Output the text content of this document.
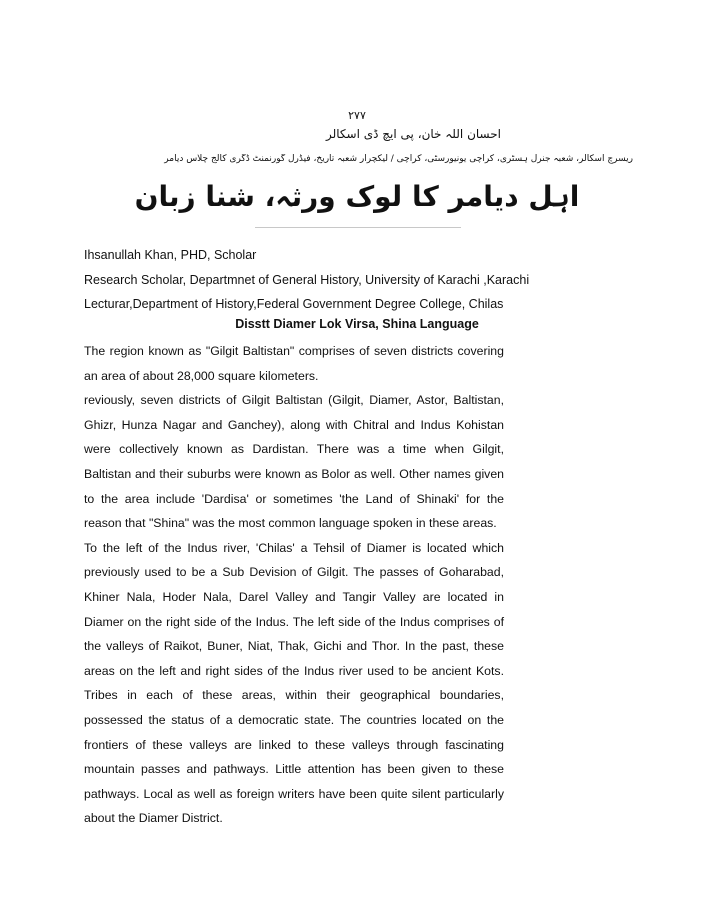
۲۷۷
احسان اللہ خان، پی ایچ ڈی اسکالر
ریسرچ اسکالر، شعبہ جنرل ہسٹری، کراچی یونیورسٹی، کراچی / لیکچرار شعبہ تاریخ، فیڈرل گورنمنٹ ڈگری کالج چلاس دیامر
اہل دیامر کا لوک ورثہ، شنا زبان
Ihsanullah Khan, PHD, Scholar
Research Scholar, Departmnet of General History, University of Karachi ,Karachi
Lecturar,Department of History,Federal Government Degree College, Chilas
Disstt Diamer Lok Virsa, Shina Language

The region known as "Gilgit Baltistan" comprises of seven districts covering an area of about 28,000 square kilometers.

reviously, seven districts of Gilgit Baltistan (Gilgit, Diamer, Astor, Baltistan, Ghizr, Hunza Nagar and Ganchey), along with Chitral and Indus Kohistan were collectively known as Dardistan. There was a time when Gilgit, Baltistan and their suburbs were known as Bolor as well. Other names given to the area include 'Dardisa' or sometimes 'the Land of Shinaki' for the reason that "Shina" was the most common language spoken in these areas.

To the left of the Indus river, 'Chilas' a Tehsil of Diamer is located which previously used to be a Sub Devision of Gilgit. The passes of Goharabad, Khiner Nala, Hoder Nala, Darel Valley and Tangir Valley are located in Diamer on the right side of the Indus. The left side of the Indus comprises of the valleys of Raikot, Buner, Niat, Thak, Gichi and Thor. In the past, these areas on the left and right sides of the Indus river used to be ancient Kots. Tribes in each of these areas, within their geographical boundaries, possessed the status of a democratic state. The countries located on the frontiers of these valleys are linked to these valleys through fascinating mountain passes and pathways. Little attention has been given to these pathways. Local as well as foreign writers have been quite silent particularly about the Diamer District.
